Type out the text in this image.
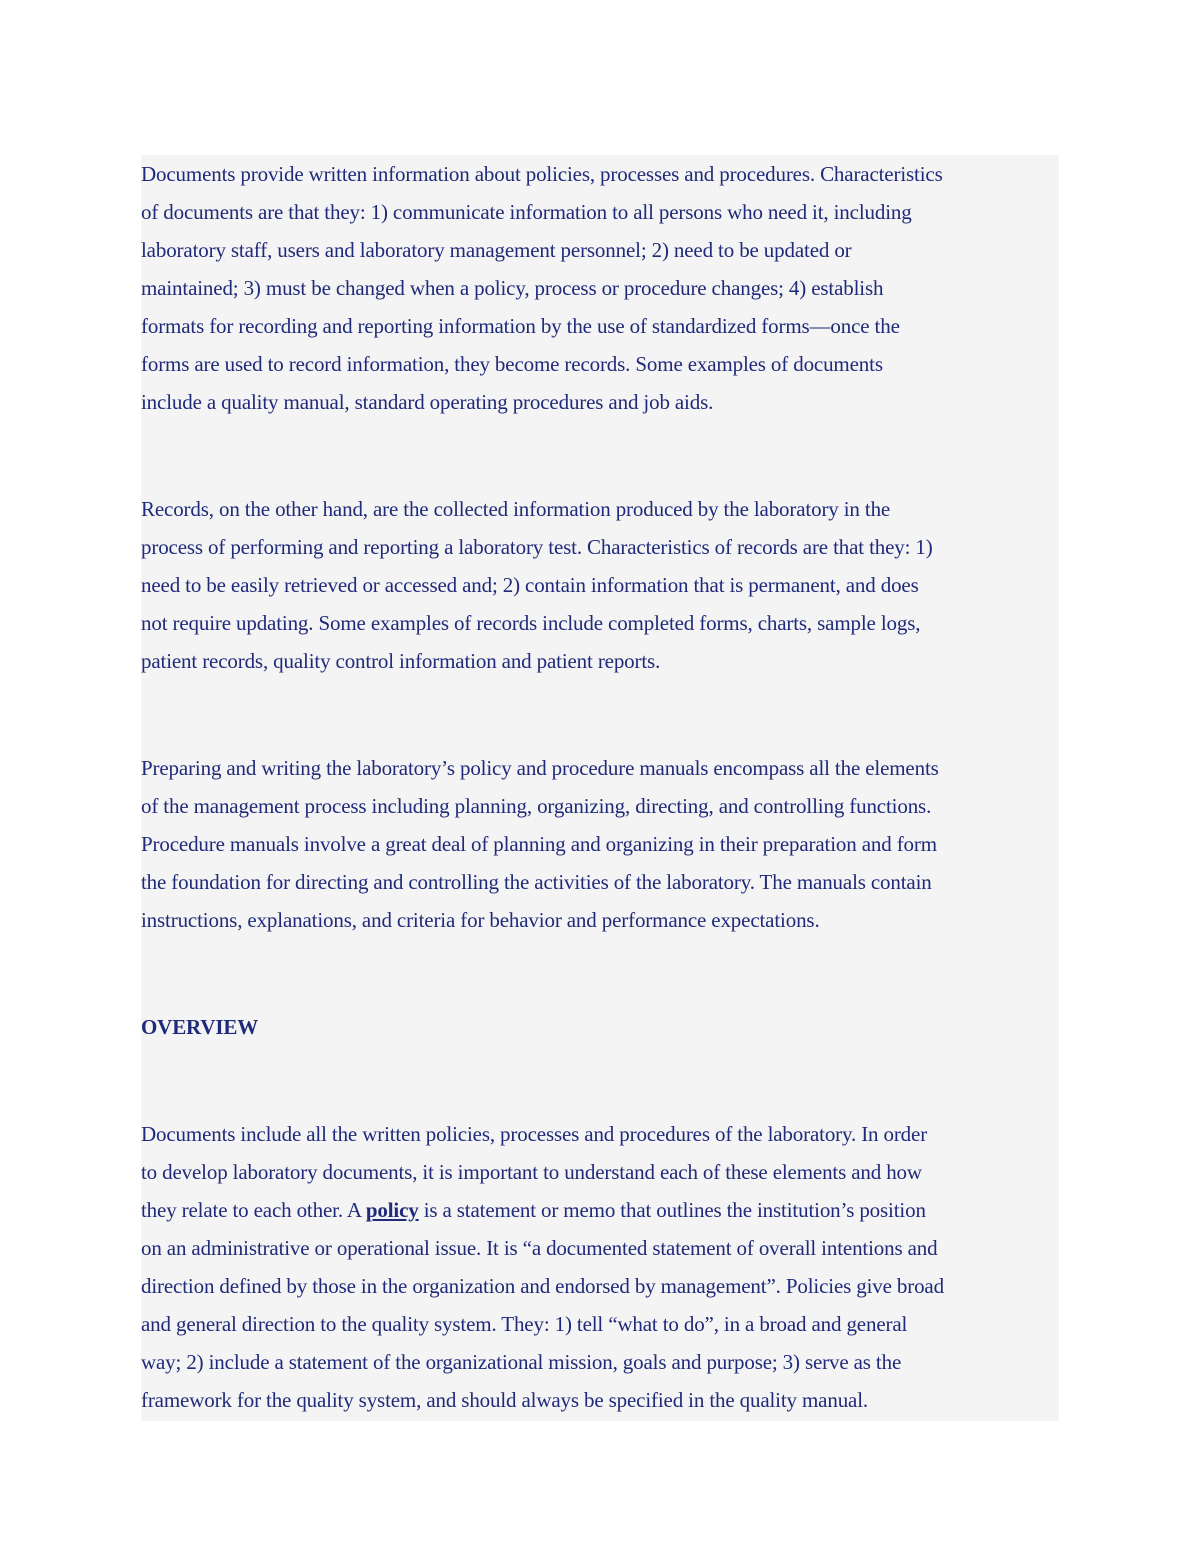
Documents provide written information about policies, processes and procedures. Characteristics
of documents are that they: 1) communicate information to all persons who need it, including
laboratory staff, users and laboratory management personnel; 2) need to be updated or
maintained; 3) must be changed when a policy, process or procedure changes; 4) establish
formats for recording and reporting information by the use of standardized forms—once the
forms are used to record information, they become records. Some examples of documents
include a quality manual, standard operating procedures and job aids.
Records, on the other hand, are the collected information produced by the laboratory in the
process of performing and reporting a laboratory test. Characteristics of records are that they: 1)
need to be easily retrieved or accessed and; 2) contain information that is permanent, and does
not require updating. Some examples of records include completed forms, charts, sample logs,
patient records, quality control information and patient reports.
Preparing and writing the laboratory’s policy and procedure manuals encompass all the elements
of the management process including planning, organizing, directing, and controlling functions.
Procedure manuals involve a great deal of planning and organizing in their preparation and form
the foundation for directing and controlling the activities of the laboratory. The manuals contain
instructions, explanations, and criteria for behavior and performance expectations.
OVERVIEW
Documents include all the written policies, processes and procedures of the laboratory. In order
to develop laboratory documents, it is important to understand each of these elements and how
they relate to each other. A policy is a statement or memo that outlines the institution’s position
on an administrative or operational issue. It is “a documented statement of overall intentions and
direction defined by those in the organization and endorsed by management”. Policies give broad
and general direction to the quality system. They: 1) tell “what to do”, in a broad and general
way; 2) include a statement of the organizational mission, goals and purpose; 3) serve as the
framework for the quality system, and should always be specified in the quality manual.
